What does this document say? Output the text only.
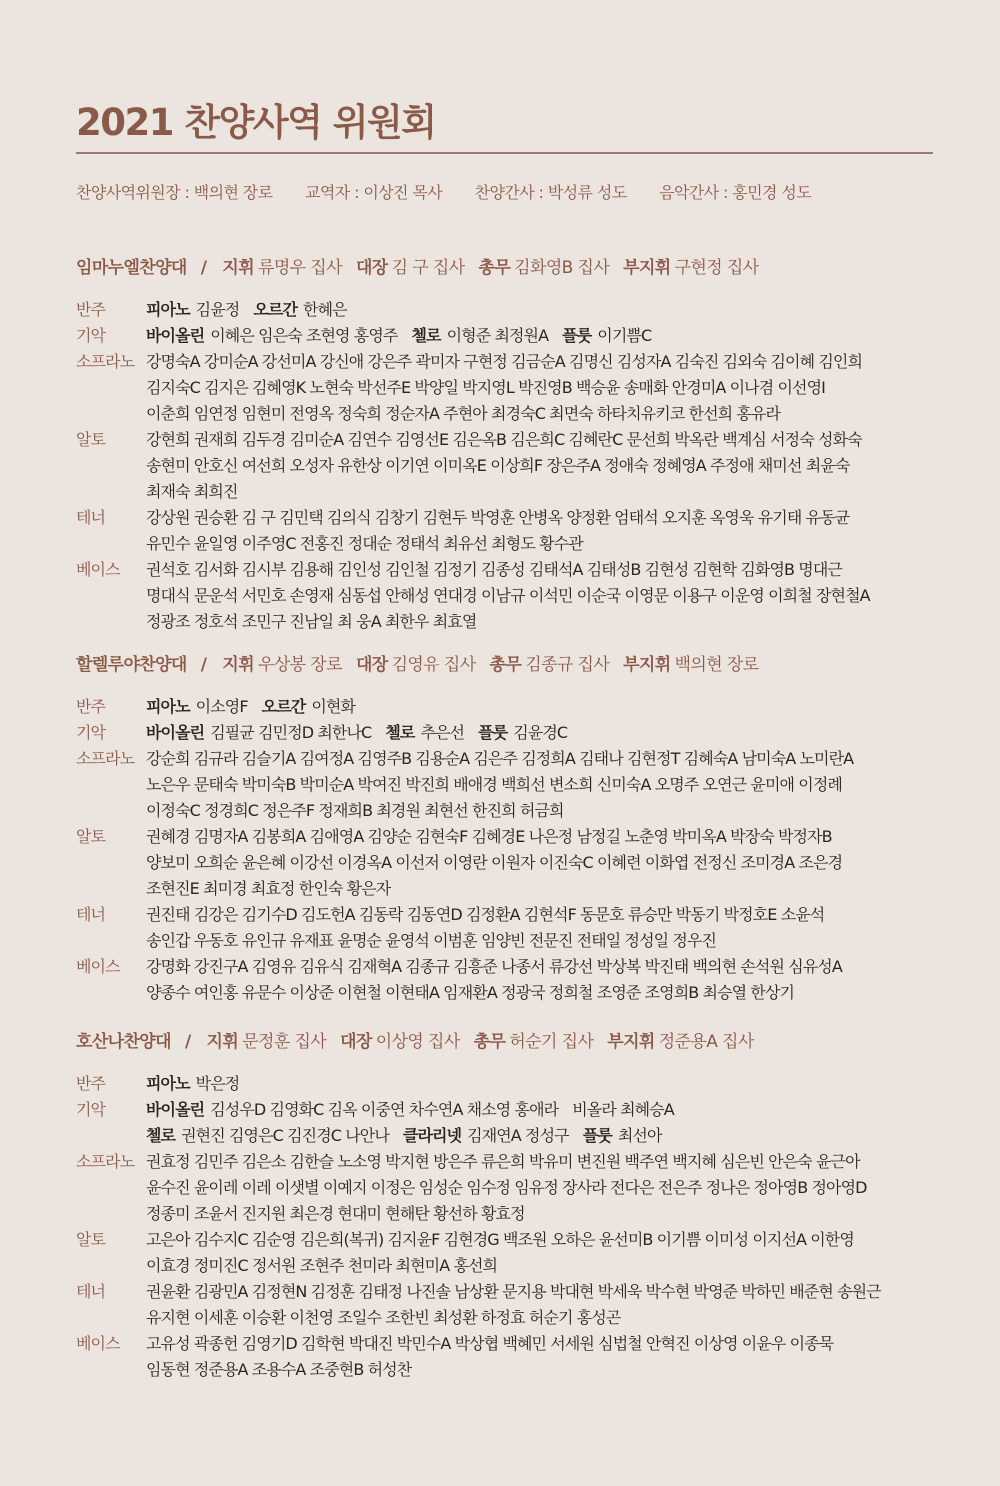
2021 찬양사역 위원회
찬양사역위원장 : 백의현 장로 교역자 : 이상진 목사 찬양간사 : 박성류 성도 음악간사 : 홍민경 성도
임마누엘찬양대 / 지휘 류명우 집사 대장 김 구 집사 총무 김화영B 집사 부지휘 구현정 집사
반주	피아노 김윤정 오르간 한혜은
기악	바이올린 이혜은 임은숙 조현영 홍영주 첼로 이형준 최정원A 플룻 이기쁨C
소프라노 강명숙A 강미순A 강선미A 강신애 강은주 곽미자 구현정 김금순A 김명신 김성자A 김숙진 김외숙 김이혜 김인희
김지숙C 김지은 김혜영K 노현숙 박선주E 박양일 박지영L 박진영B 백승윤 송매화 안경미A 이나겸 이선영I
이춘희 임연정 임현미 전영옥 정숙희 정순자A 주현아 최경숙C 최면숙 하타치유키코 한선희 홍유라
알토	강현희 권재희 김두경 김미순A 김연수 김영선E 김은옥B 김은희C 김혜란C 문선희 박옥란 백계심 서정숙 성화숙
송현미 안호신 여선희 오성자 유한상 이기연 이미옥E 이상희F 장은주A 정애숙 정혜영A 주정애 채미선 최윤숙
최재숙 최희진
테너	강상원 권승환 김 구 김민택 김의식 김창기 김현두 박영훈 안병옥 양정환 엄태석 오지훈 옥영욱 유기태 유동균
유민수 윤일영 이주영C 전홍진 정대순 정태석 최유선 최형도 황수관
베이스	권석호 김서화 김시부 김용해 김인성 김인철 김정기 김종성 김태석A 김태성B 김현성 김현학 김화영B 명대근
명대식 문운석 서민호 손영재 심동섭 안해성 연대경 이남규 이석민 이순국 이영문 이용구 이운영 이희철 장현철A
정광조 정호석 조민구 진남일 최 웅A 최한우 최효열
할렐루야찬양대 / 지휘 우상봉 장로 대장 김영유 집사 총무 김종규 집사 부지휘 백의현 장로
반주	피아노 이소영F 오르간 이현화
기악	바이올린 김필균 김민정D 최한나C 첼로 추은선 플룻 김윤경C
소프라노 강순희 김규라 김슬기A 김여정A 김영주B 김용순A 김은주 김정희A 김태나 김현정T 김혜숙A 남미숙A 노미란A
노은우 문태숙 박미숙B 박미순A 박여진 박진희 배애경 백희선 변소희 신미숙A 오명주 오연근 윤미애 이정례
이정숙C 정경희C 정은주F 정재희B 최경원 최현선 한진희 허금희
알토	권혜경 김명자A 김봉희A 김애영A 김양순 김현숙F 김혜경E 나은정 남정길 노춘영 박미옥A 박장숙 박정자B
양보미 오희순 윤은혜 이강선 이경옥A 이선저 이영란 이원자 이진숙C 이혜련 이화엽 전정신 조미경A 조은경
조현진E 최미경 최효정 한인숙 황은자
테너	권진태 김강은 김기수D 김도헌A 김동락 김동연D 김정환A 김현석F 동문호 류승만 박동기 박정호E 소윤석
송인갑 우동호 유인규 유재표 윤명순 윤영석 이범훈 임양빈 전문진 전태일 정성일 정우진
베이스	강명화 강진구A 김영유 김유식 김재혁A 김종규 김흥준 나종서 류강선 박상복 박진태 백의현 손석원 심유성A
양종수 여인홍 유문수 이상준 이현철 이현태A 임재환A 정광국 정희철 조영준 조영희B 최승열 한상기
호산나찬양대 / 지휘 문정훈 집사 대장 이상영 집사 총무 허순기 집사 부지휘 정준용A 집사
반주	피아노 박은정
기악	바이올린 김성우D 김영화C 김옥 이중연 차수연A 채소영 홍애라 비올라 최혜승A
첼로 권현진 김영은C 김진경C 나안나 클라리넷 김재연A 정성구 플룻 최선아
소프라노 권효정 김민주 김은소 김한슬 노소영 박지현 방은주 류은희 박유미 변진원 백주연 백지혜 심은빈 안은숙 윤근아
윤수진 윤이레 이레 이샛별 이예지 이정은 임성순 임수정 임유정 장사라 전다은 전은주 정나은 정아영B 정아영D
정종미 조윤서 진지원 최은경 현대미 현해탄 황선하 황효정
알토	고은아 김수지C 김순영 김은희(복귀) 김지윤F 김현경G 백조원 오하은 윤선미B 이기쁨 이미성 이지선A 이한영
이효경 정미진C 정서원 조현주 천미라 최현미A 홍선희
테너	권윤환 김광민A 김정현N 김정훈 김태정 나진솔 남상환 문지용 박대현 박세욱 박수현 박영준 박하민 배준현 송원근
유지현 이세훈 이승환 이천영 조일수 조한빈 최성환 하정효 허순기 홍성곤
베이스	고유성 곽종헌 김영기D 김학현 박대진 박민수A 박상협 백혜민 서세원 심법철 안혁진 이상영 이윤우 이종묵
임동현 정준용A 조용수A 조중현B 허성찬
